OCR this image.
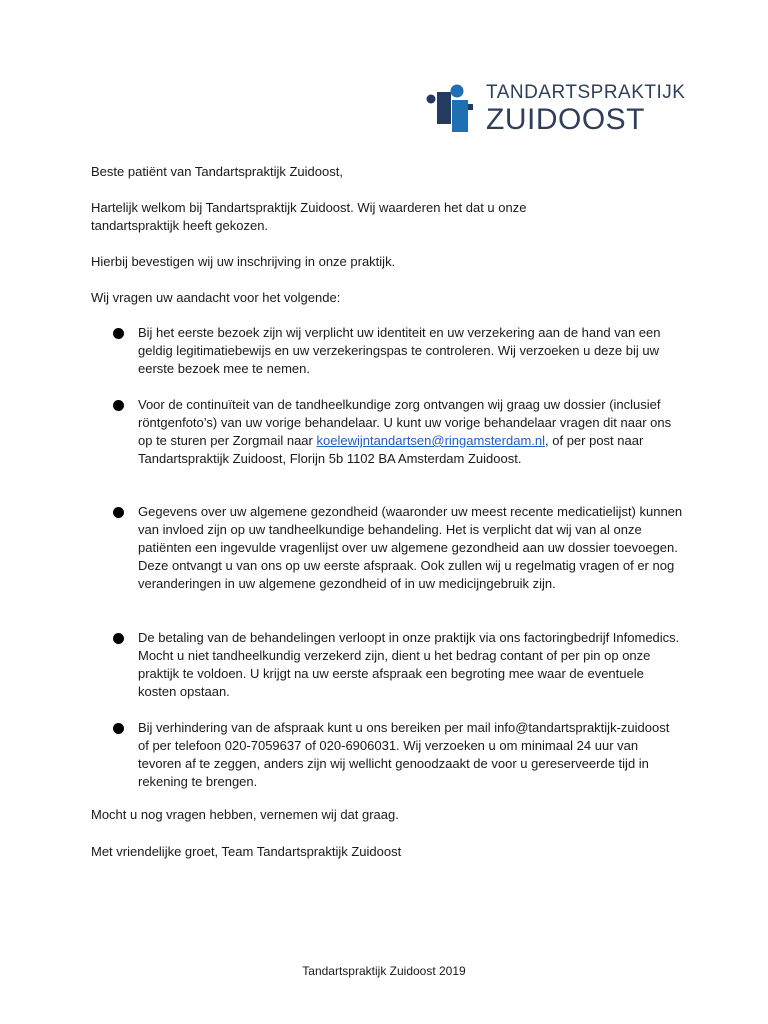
TANDARTSPRAKTIJK
ZUIDOOST

Beste patiënt van Tandartspraktijk Zuidoost,

Hartelijk welkom bij Tandartspraktijk Zuidoost. Wij waarderen het dat u onze tandartspraktijk heeft gekozen.

Hierbij bevestigen wij uw inschrijving in onze praktijk.

Wij vragen uw aandacht voor het volgende:

Bij het eerste bezoek zijn wij verplicht uw identiteit en uw verzekering aan de hand van een geldig legitimatiebewijs en uw verzekeringspas te controleren. Wij verzoeken u deze bij uw eerste bezoek mee te nemen.

Voor de continuïteit van de tandheelkundige zorg ontvangen wij graag uw dossier (inclusief röntgenfoto’s) van uw vorige behandelaar. U kunt uw vorige behandelaar vragen dit naar ons op te sturen per Zorgmail naar koelewijntandartsen@ringamsterdam.nl, of per post naar Tandartspraktijk Zuidoost, Florijn 5b 1102 BA Amsterdam Zuidoost.

Gegevens over uw algemene gezondheid (waaronder uw meest recente medicatielijst) kunnen van invloed zijn op uw tandheelkundige behandeling. Het is verplicht dat wij van al onze patiënten een ingevulde vragenlijst over uw algemene gezondheid aan uw dossier toevoegen. Deze ontvangt u van ons op uw eerste afspraak. Ook zullen wij u regelmatig vragen of er nog veranderingen in uw algemene gezondheid of in uw medicijngebruik zijn.

De betaling van de behandelingen verloopt in onze praktijk via ons factoringbedrijf Infomedics. Mocht u niet tandheelkundig verzekerd zijn, dient u het bedrag contant of per pin op onze praktijk te voldoen. U krijgt na uw eerste afspraak een begroting mee waar de eventuele kosten opstaan.

Bij verhindering van de afspraak kunt u ons bereiken per mail info@tandartspraktijk-zuidoost of per telefoon 020-7059637 of 020-6906031. Wij verzoeken u om minimaal 24 uur van tevoren af te zeggen, anders zijn wij wellicht genoodzaakt de voor u gereserveerde tijd in rekening te brengen.

Mocht u nog vragen hebben, vernemen wij dat graag.

Met vriendelijke groet, Team Tandartspraktijk Zuidoost

Tandartspraktijk Zuidoost 2019
